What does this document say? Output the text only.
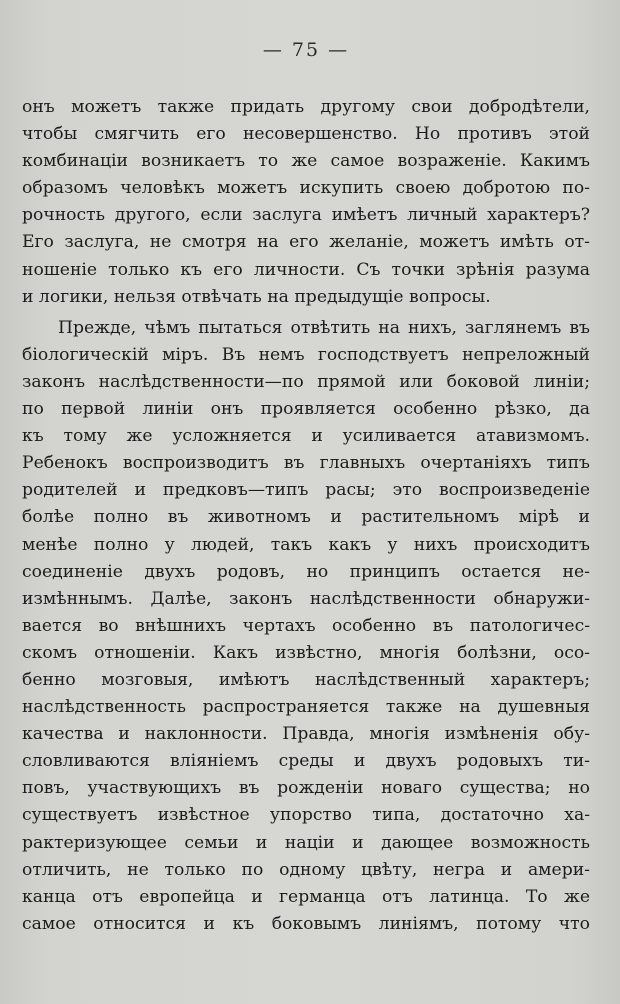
— 75 —
онъ можетъ также придать другому свои добродѣтели,
чтобы смягчить его несовершенство. Но противъ этой
комбинаціи возникаетъ то же самое возраженіе. Какимъ
образомъ человѣкъ можетъ искупить своею добротою по-
рочность другого, если заслуга имѣетъ личный характеръ?
Его заслуга, не смотря на его желаніе, можетъ имѣть от-
ношеніе только къ его личности. Съ точки зрѣнія разума
и логики, нельзя отвѣчать на предыдущіе вопросы.
Прежде, чѣмъ пытаться отвѣтить на нихъ, заглянемъ въ
біологическій міръ. Въ немъ господствуетъ непреложный
законъ наслѣдственности—по прямой или боковой линіи;
по первой линіи онъ проявляется особенно рѣзко, да
къ тому же усложняется и усиливается атавизмомъ.
Ребенокъ воспроизводитъ въ главныхъ очертаніяхъ типъ
родителей и предковъ—типъ расы; это воспроизведеніе
болѣе полно въ животномъ и растительномъ мірѣ и
менѣе полно у людей, такъ какъ у нихъ происходитъ
соединеніе двухъ родовъ, но принципъ остается не-
измѣннымъ. Далѣе, законъ наслѣдственности обнаружи-
вается во внѣшнихъ чертахъ особенно въ патологичес-
скомъ отношеніи. Какъ извѣстно, многія болѣзни, осо-
бенно мозговыя, имѣютъ наслѣдственный характеръ;
наслѣдственность распространяется также на душевныя
качества и наклонности. Правда, многія измѣненія обу-
словливаются вліяніемъ среды и двухъ родовыхъ ти-
повъ, участвующихъ въ рожденіи новаго существа; но
существуетъ извѣстное упорство типа, достаточно ха-
рактеризующее семьи и націи и дающее возможность
отличить, не только по одному цвѣту, негра и амери-
канца отъ европейца и германца отъ латинца. То же
самое относится и къ боковымъ линіямъ, потому что
